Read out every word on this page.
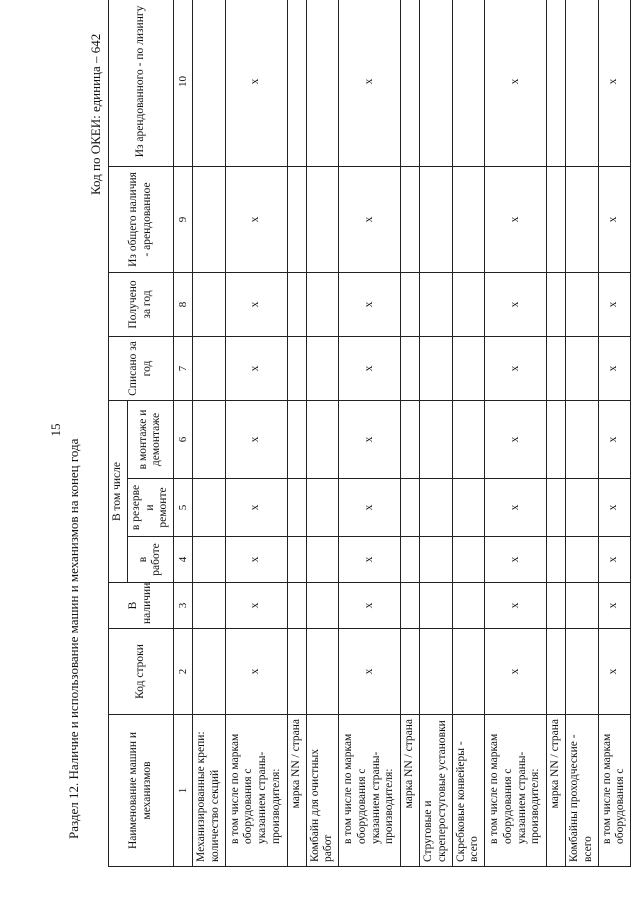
15
Раздел 12. Наличие и использование машин и механизмов на конец года
Код по ОКЕИ: единица – 642
Наименование машин и механизмов	Код строки	В наличии	В том числе			Списано за год	Получено за год	Из общего наличия - арендованное	Из арендованного - по лизингу
			в работе	в резерве и ремонте	в монтаже и демонтаже				
1	2	3	4	5	6	7	8	9	10
Механизированные крепи: количество секций									
в том числе по маркам оборудования с указанием страны-производителя:	x	x	x	x	x	x	x	x	x
марка NN / страна									
Комбайн для очистных работ									
в том числе по маркам оборудования с указанием страны-производителя:	x	x	x	x	x	x	x	x	x
марка NN / страна									
Струговые и скреперостуговые установки									
Скребковые конвейеры - всего									
в том числе по маркам оборудования с указанием страны-производителя:	x	x	x	x	x	x	x	x	x
марка NN / страна									
Комбайны проходческие - всего									
в том числе по маркам оборудования с	x	x	x	x	x	x	x	x	x
